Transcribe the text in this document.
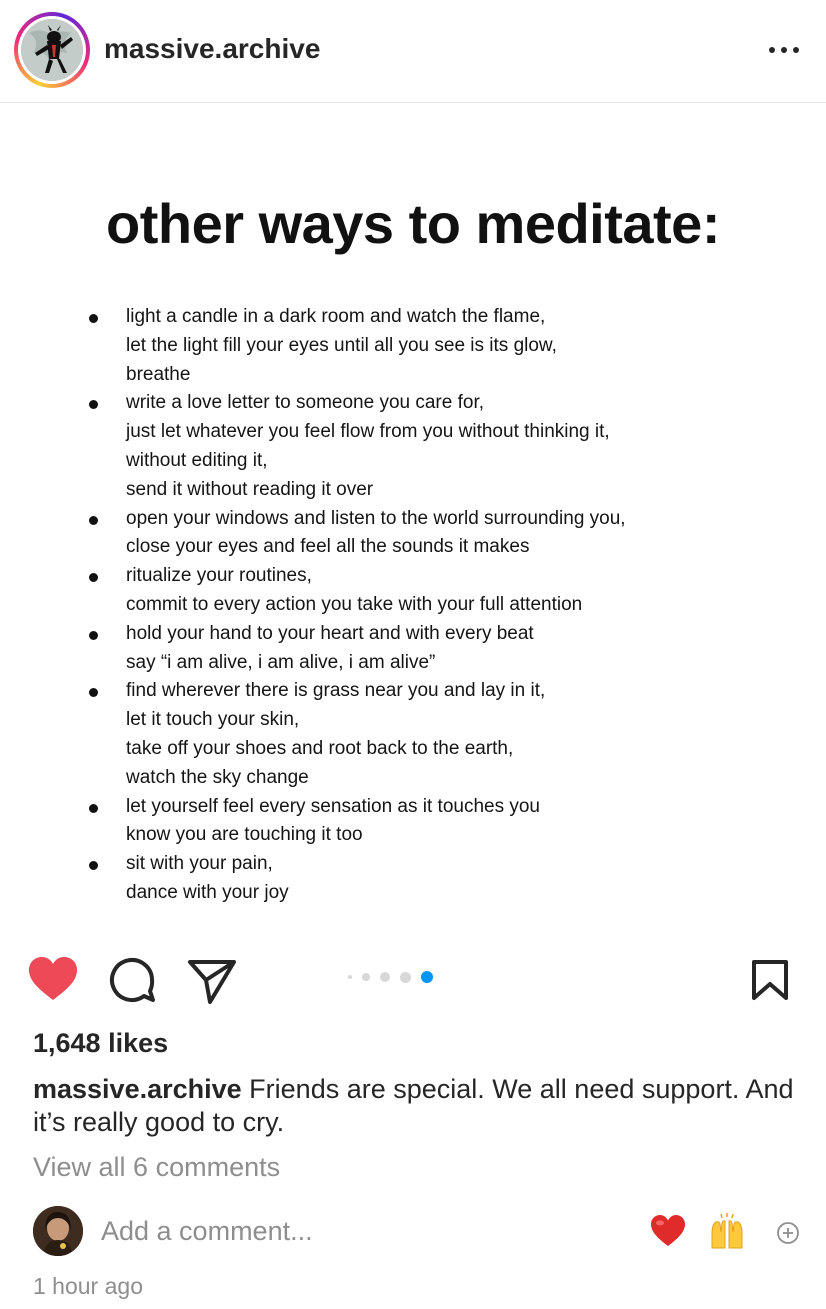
massive.archive
other ways to meditate:
light a candle in a dark room and watch the flame,
let the light fill your eyes until all you see is its glow,
breathe
write a love letter to someone you care for,
just let whatever you feel flow from you without thinking it,
without editing it,
send it without reading it over
open your windows and listen to the world surrounding you,
close your eyes and feel all the sounds it makes
ritualize your routines,
commit to every action you take with your full attention
hold your hand to your heart and with every beat
say “i am alive, i am alive, i am alive”
find wherever there is grass near you and lay in it,
let it touch your skin,
take off your shoes and root back to the earth,
watch the sky change
let yourself feel every sensation as it touches you
know you are touching it too
sit with your pain,
dance with your joy
1,648 likes
massive.archive Friends are special. We all need support. And it’s really good to cry.
View all 6 comments
Add a comment...
1 hour ago
